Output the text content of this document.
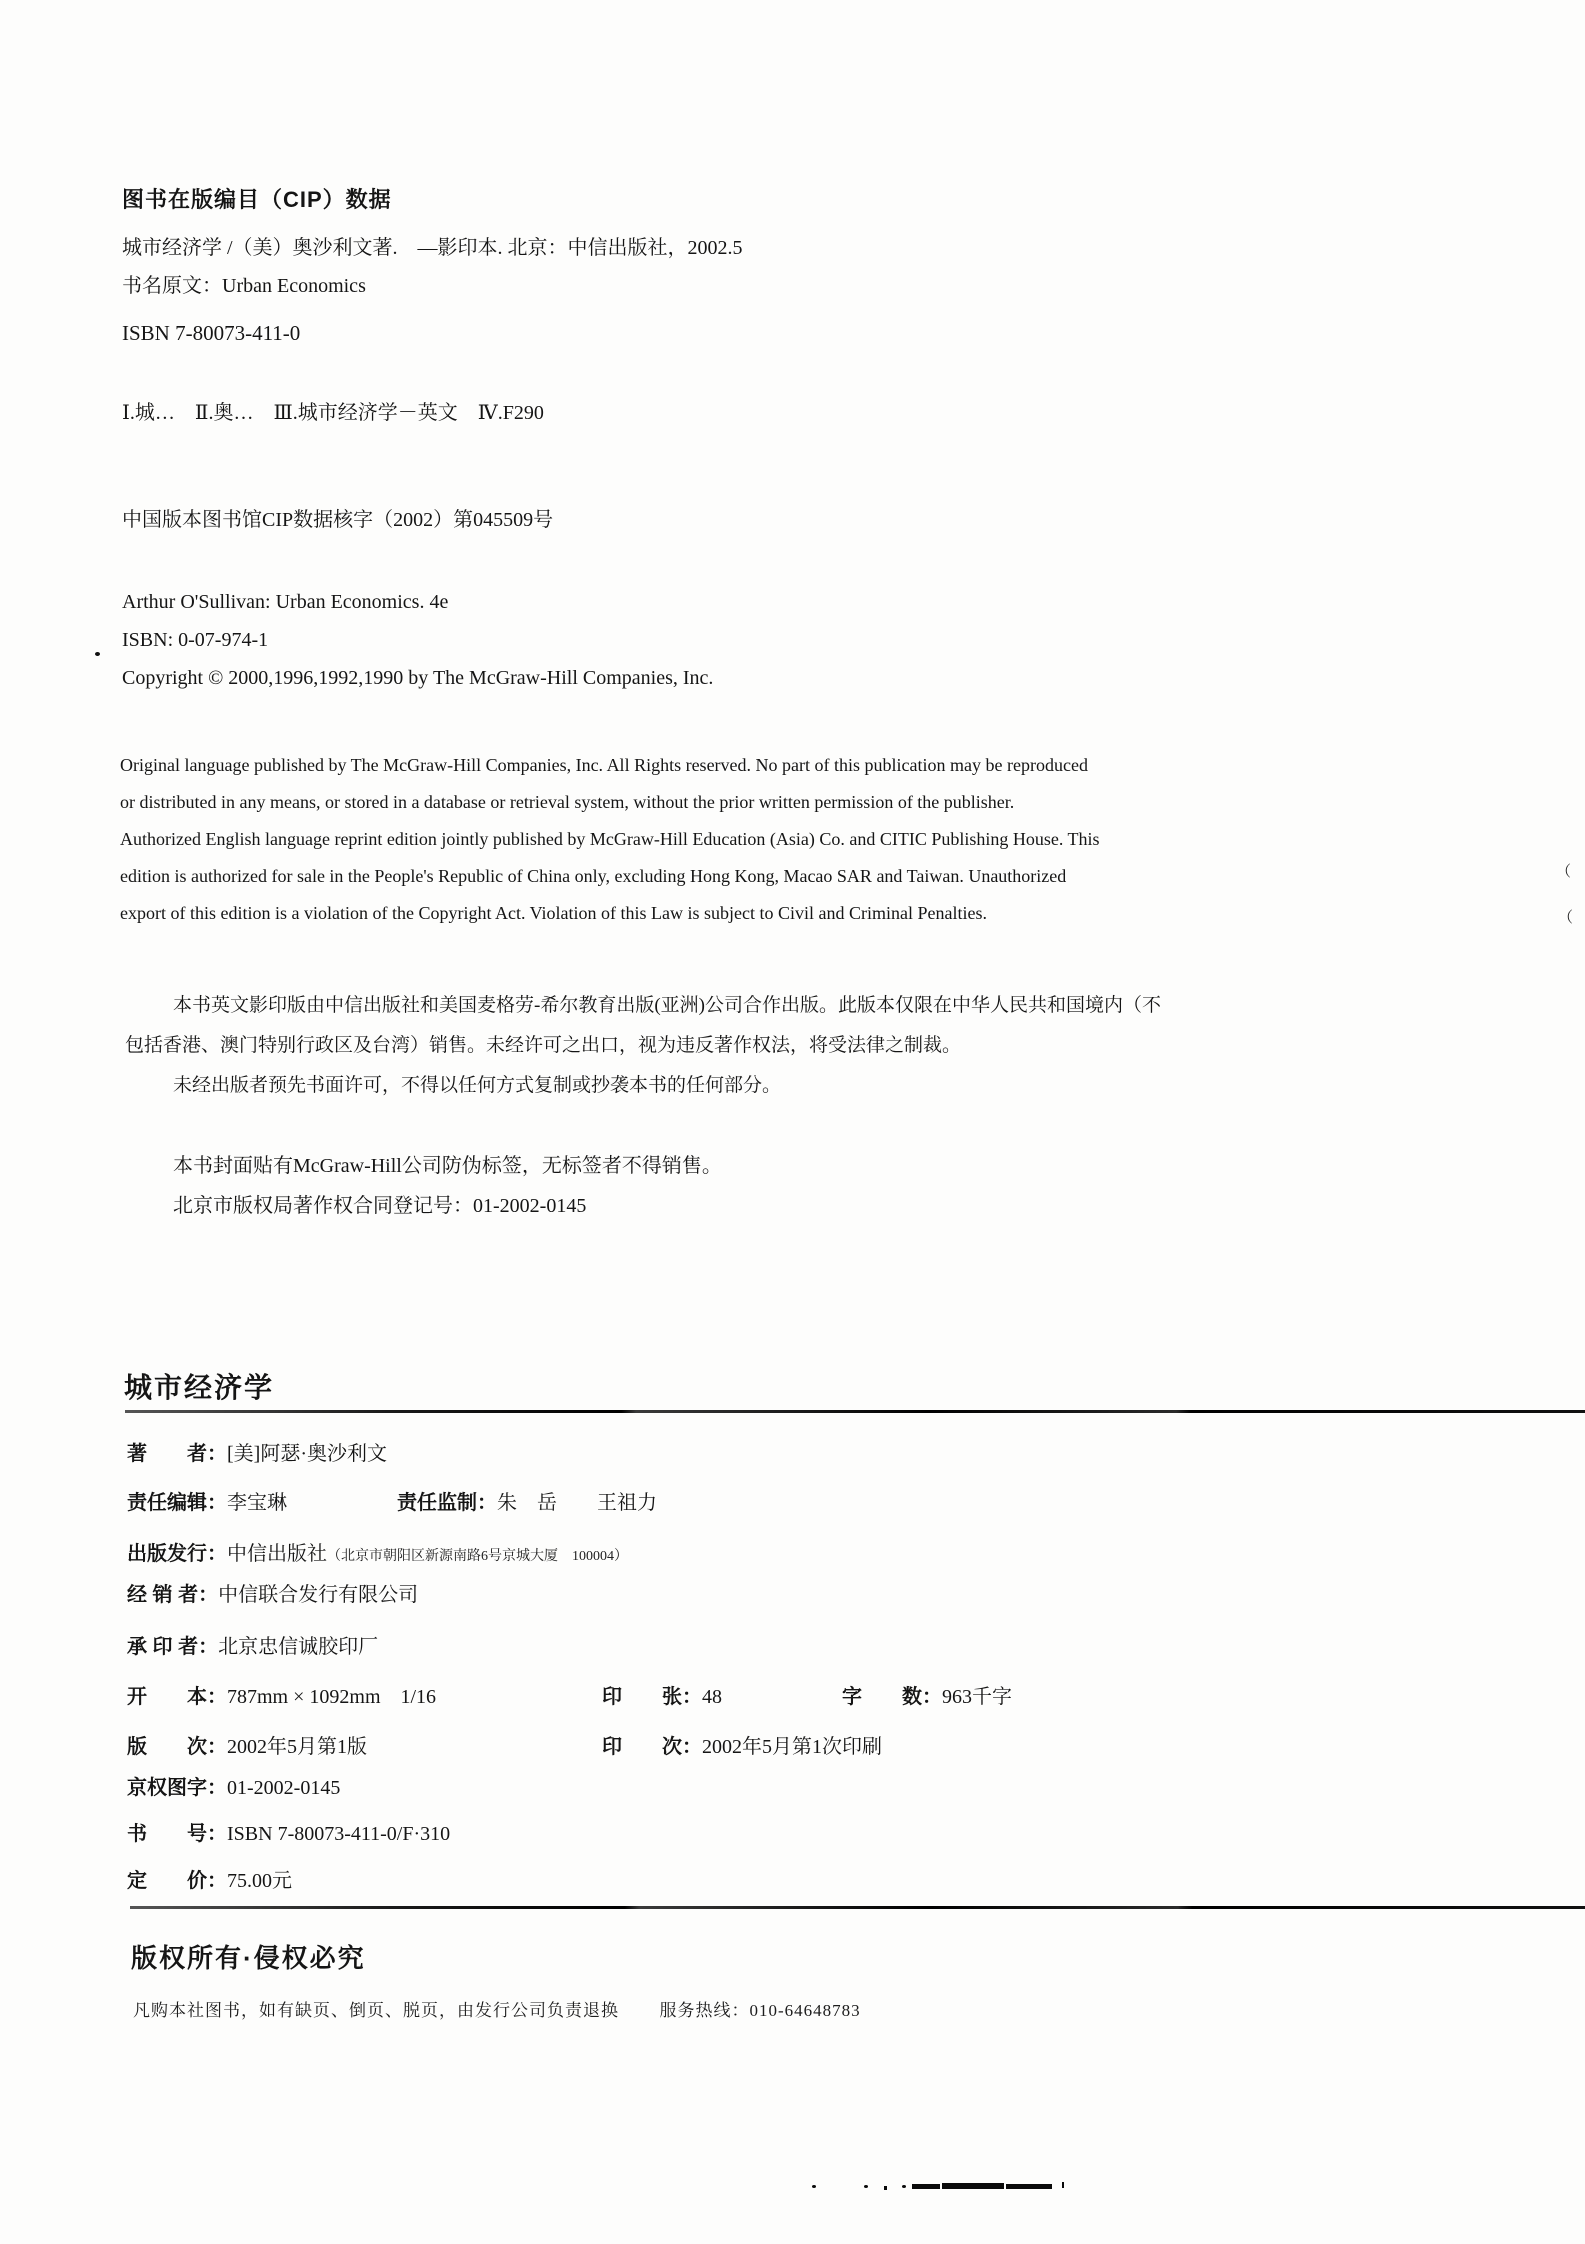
图书在版编目（CIP）数据
城市经济学 /（美）奥沙利文著.　—影印本. 北京：中信出版社，2002.5
书名原文：Urban Economics
ISBN 7-80073-411-0
Ⅰ.城…　Ⅱ.奥…　Ⅲ.城市经济学－英文　Ⅳ.F290
中国版本图书馆CIP数据核字（2002）第045509号
Arthur O'Sullivan: Urban Economics. 4e
ISBN: 0-07-974-1
Copyright © 2000,1996,1992,1990 by The McGraw-Hill Companies, Inc.
Original language published by The McGraw-Hill Companies, Inc. All Rights reserved. No part of this publication may be reproduced
or distributed in any means, or stored in a database or retrieval system, without the prior written permission of the publisher.
Authorized English language reprint edition jointly published by McGraw-Hill Education (Asia) Co. and CITIC Publishing House. This
edition is authorized for sale in the People's Republic of China only, excluding Hong Kong, Macao SAR and Taiwan. Unauthorized
export of this edition is a violation of the Copyright Act. Violation of this Law is subject to Civil and Criminal Penalties.
（
（
本书英文影印版由中信出版社和美国麦格劳-希尔教育出版(亚洲)公司合作出版。此版本仅限在中华人民共和国境内（不
包括香港、澳门特别行政区及台湾）销售。未经许可之出口，视为违反著作权法，将受法律之制裁。
未经出版者预先书面许可，不得以任何方式复制或抄袭本书的任何部分。
本书封面贴有McGraw-Hill公司防伪标签，无标签者不得销售。
北京市版权局著作权合同登记号：01-2002-0145
城市经济学
著　　者：[美]阿瑟·奥沙利文
责任编辑：李宝琳	责任监制：朱　岳　　王祖力
出版发行：中信出版社（北京市朝阳区新源南路6号京城大厦　100004）
经 销 者：中信联合发行有限公司
承 印 者：北京忠信诚胶印厂
开　　本：787mm × 1092mm　1/16	印　　张：48	字　　数：963千字
版　　次：2002年5月第1版	印　　次：2002年5月第1次印刷
京权图字：01-2002-0145
书　　号：ISBN 7-80073-411-0/F·310
定　　价：75.00元
版权所有·侵权必究
凡购本社图书，如有缺页、倒页、脱页，由发行公司负责退换 服务热线：010-64648783
